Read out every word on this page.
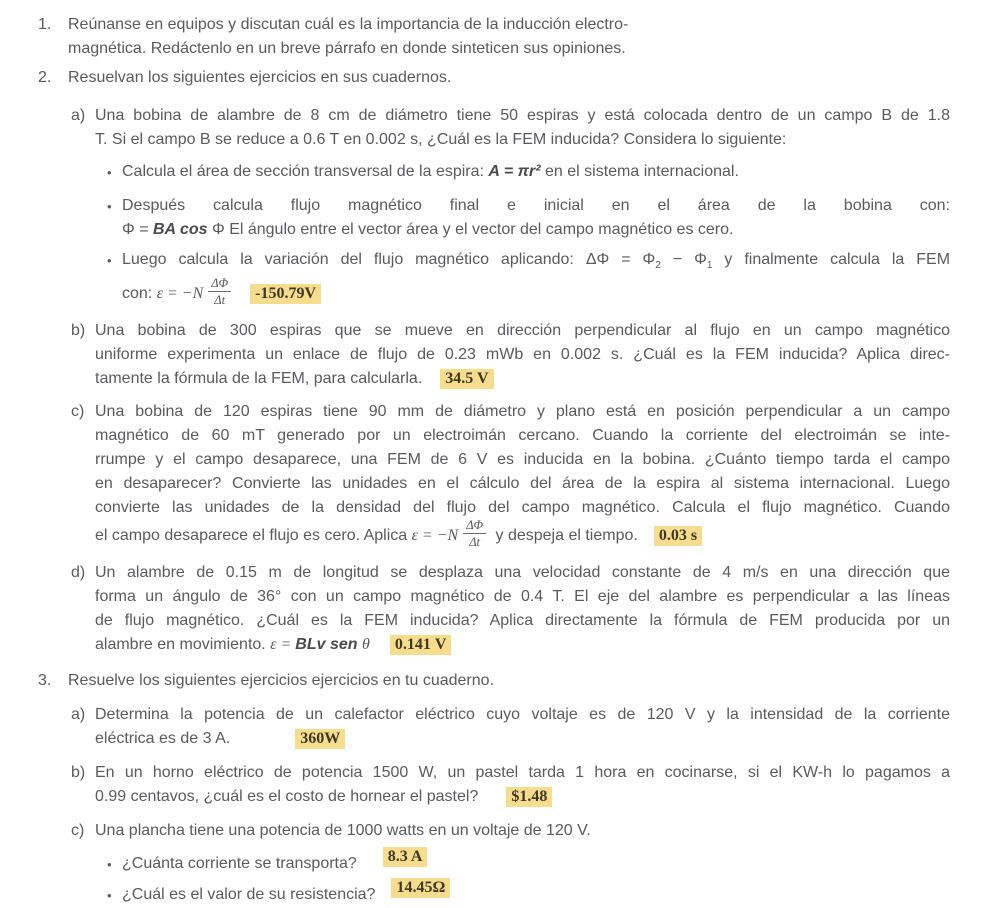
1.	Reúnanse en equipos y discutan cuál es la importancia de la inducción electro-
magnética. Redáctenlo en un breve párrafo en donde sinteticen sus opiniones.
2.	Resuelvan los siguientes ejercicios en sus cuadernos.
a) Una bobina de alambre de 8 cm de diámetro tiene 50 espiras y está colocada dentro de un campo B de 1.8
T. Si el campo B se reduce a 0.6 T en 0.002 s, ¿Cuál es la FEM inducida? Considera lo siguiente:
• Calcula el área de sección transversal de la espira: A = πr² en el sistema internacional.
• Después calcula flujo magnético final e inicial en el área de la bobina con:
Φ = BA cos Φ El ángulo entre el vector área y el vector del campo magnético es cero.
• Luego calcula la variación del flujo magnético aplicando: $\Delta\Phi = \Phi_2 - \Phi_1$ y finalmente calcula la FEM
con: $\varepsilon = -N \frac{\Delta\Phi}{\Delta t} -150.79V$
b) Una bobina de 300 espiras que se mueve en dirección perpendicular al flujo en un campo magnético
uniforme experimenta un enlace de flujo de 0.23 mWb en 0.002 s. ¿Cuál es la FEM inducida? Aplica direc-
tamente la fórmula de la FEM, para calcularla. 34.5 V
c) Una bobina de 120 espiras tiene 90 mm de diámetro y plano está en posición perpendicular a un campo
magnético de 60 mT generado por un electroimán cercano. Cuando la corriente del electroimán se inte-
rrumpe y el campo desaparece, una FEM de 6 V es inducida en la bobina. ¿Cuánto tiempo tarda el campo
en desaparecer? Convierte las unidades en el cálculo del área de la espira al sistema internacional. Luego
convierte las unidades de la densidad del flujo del campo magnético. Calcula el flujo magnético. Cuando
el campo desaparece el flujo es cero. Aplica $\varepsilon = -N \frac{\Delta\Phi}{\Delta t}$ y despeja el tiempo. 0.03 s
d) Un alambre de 0.15 m de longitud se desplaza una velocidad constante de 4 m/s en una dirección que
forma un ángulo de 36° con un campo magnético de 0.4 T. El eje del alambre es perpendicular a las líneas
de flujo magnético. ¿Cuál es la FEM inducida? Aplica directamente la fórmula de FEM producida por un
alambre en movimiento. ε = BLv sen θ 0.141 V
3.	Resuelve los siguientes ejercicios ejercicios en tu cuaderno.
a) Determina la potencia de un calefactor eléctrico cuyo voltaje es de 120 V y la intensidad de la corriente
eléctrica es de 3 A.	360W
b) En un horno eléctrico de potencia 1500 W, un pastel tarda 1 hora en cocinarse, si el KW-h lo pagamos a
0.99 centavos, ¿cuál es el costo de hornear el pastel? $1.48
c) Una plancha tiene una potencia de 1000 watts en un voltaje de 120 V.
• ¿Cuánta corriente se transporta? 8.3 A
• ¿Cuál es el valor de su resistencia? 14.45Ω
